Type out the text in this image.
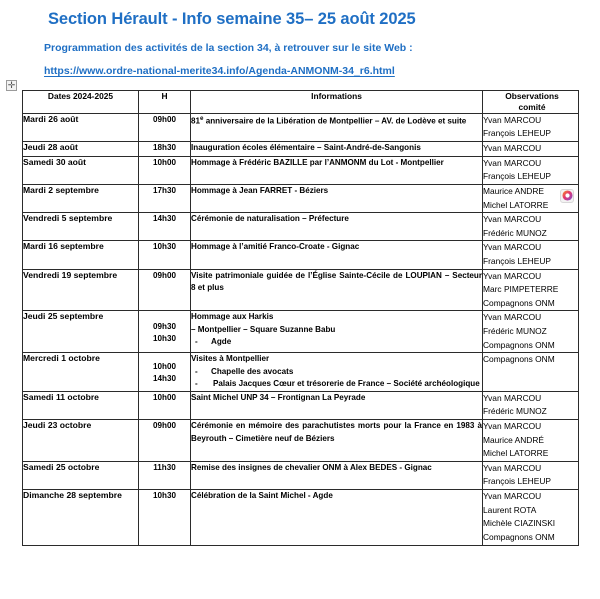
Section Hérault - Info semaine 35– 25 août 2025
Programmation des activités de la section 34, à retrouver sur le site Web :
https://www.ordre-national-merite34.info/Agenda-ANMONM-34_r6.html
✛
Dates 2024-2025	H	Informations	Observations
comité
Mardi 26 août	09h00	81e anniversaire de la Libération de Montpellier – AV. de Lodève et suite	Yvan MARCOU
François LEHEUP

Jeudi 28 août	18h30	Inauguration écoles élémentaire – Saint-André-de-Sangonis	Yvan MARCOU

Samedi 30 août	10h00	Hommage à Frédéric BAZILLE par l’ANMONM du Lot - Montpellier	Yvan MARCOU
François LEHEUP

Mardi 2 septembre	17h30	Hommage à Jean FARRET - Béziers	Maurice ANDRE
Michel LATORRE

Vendredi 5 septembre	14h30	Cérémonie de naturalisation – Préfecture	Yvan MARCOU
Frédéric MUNOZ

Mardi 16 septembre	10h30	Hommage à l’amitié Franco-Croate - Gignac	Yvan MARCOU
François LEHEUP

Vendredi 19 septembre	09h00	Visite patrimoniale guidée de l’Église Sainte-Cécile de LOUPIAN – Secteur 8 et plus	Yvan MARCOU
Marc PIMPETERRE
Compagnons ONM

Jeudi 25 septembre	09h30
10h30	Hommage aux Harkis
– Montpellier – Square Suzanne Babu
- Agde	Yvan MARCOU
Frédéric MUNOZ
Compagnons ONM

Mercredi 1 octobre	10h00
14h30	Visites à Montpellier
- Chapelle des avocats
- Palais Jacques Cœur et trésorerie de France – Société archéologique	Compagnons ONM

Samedi 11 octobre	10h00	Saint Michel UNP 34 – Frontignan La Peyrade	Yvan MARCOU
Frédéric MUNOZ

Jeudi 23 octobre	09h00	Cérémonie en mémoire des parachutistes morts pour la France en 1983 à Beyrouth – Cimetière neuf de Béziers	Yvan MARCOU
Maurice ANDRÉ
Michel LATORRE

Samedi 25 octobre	11h30	Remise des insignes de chevalier ONM à Alex BEDES - Gignac	Yvan MARCOU
François LEHEUP

Dimanche 28 septembre	10h30	Célébration de la Saint Michel - Agde	Yvan MARCOU
Laurent ROTA
Michèle CIAZINSKI
Compagnons ONM
